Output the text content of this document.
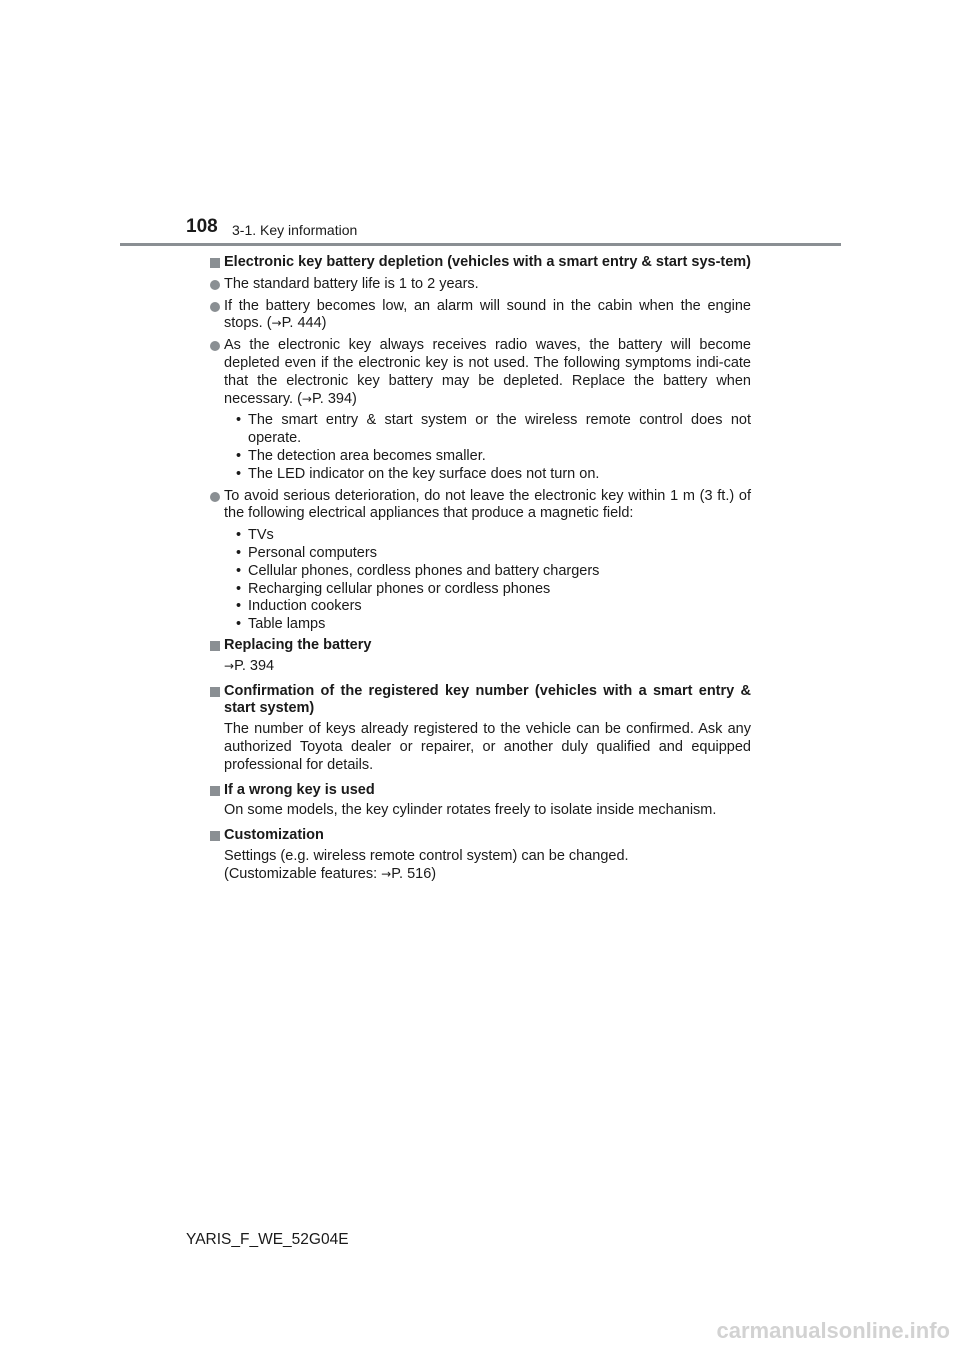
108 3-1. Key information
Electronic key battery depletion (vehicles with a smart entry & start sys-tem)
The standard battery life is 1 to 2 years.
If the battery becomes low, an alarm will sound in the cabin when the engine stops. (→P. 444)
As the electronic key always receives radio waves, the battery will become depleted even if the electronic key is not used. The following symptoms indi-cate that the electronic key battery may be depleted. Replace the battery when necessary. (→P. 394)
• The smart entry & start system or the wireless remote control does not operate.
• The detection area becomes smaller.
• The LED indicator on the key surface does not turn on.
To avoid serious deterioration, do not leave the electronic key within 1 m (3 ft.) of the following electrical appliances that produce a magnetic field:
• TVs
• Personal computers
• Cellular phones, cordless phones and battery chargers
• Recharging cellular phones or cordless phones
• Induction cookers
• Table lamps
Replacing the battery
→P. 394
Confirmation of the registered key number (vehicles with a smart entry & start system)
The number of keys already registered to the vehicle can be confirmed. Ask any authorized Toyota dealer or repairer, or another duly qualified and equipped professional for details.
If a wrong key is used
On some models, the key cylinder rotates freely to isolate inside mechanism.
Customization
Settings (e.g. wireless remote control system) can be changed.
(Customizable features: →P. 516)
YARIS_F_WE_52G04E
carmanualsonline.info
